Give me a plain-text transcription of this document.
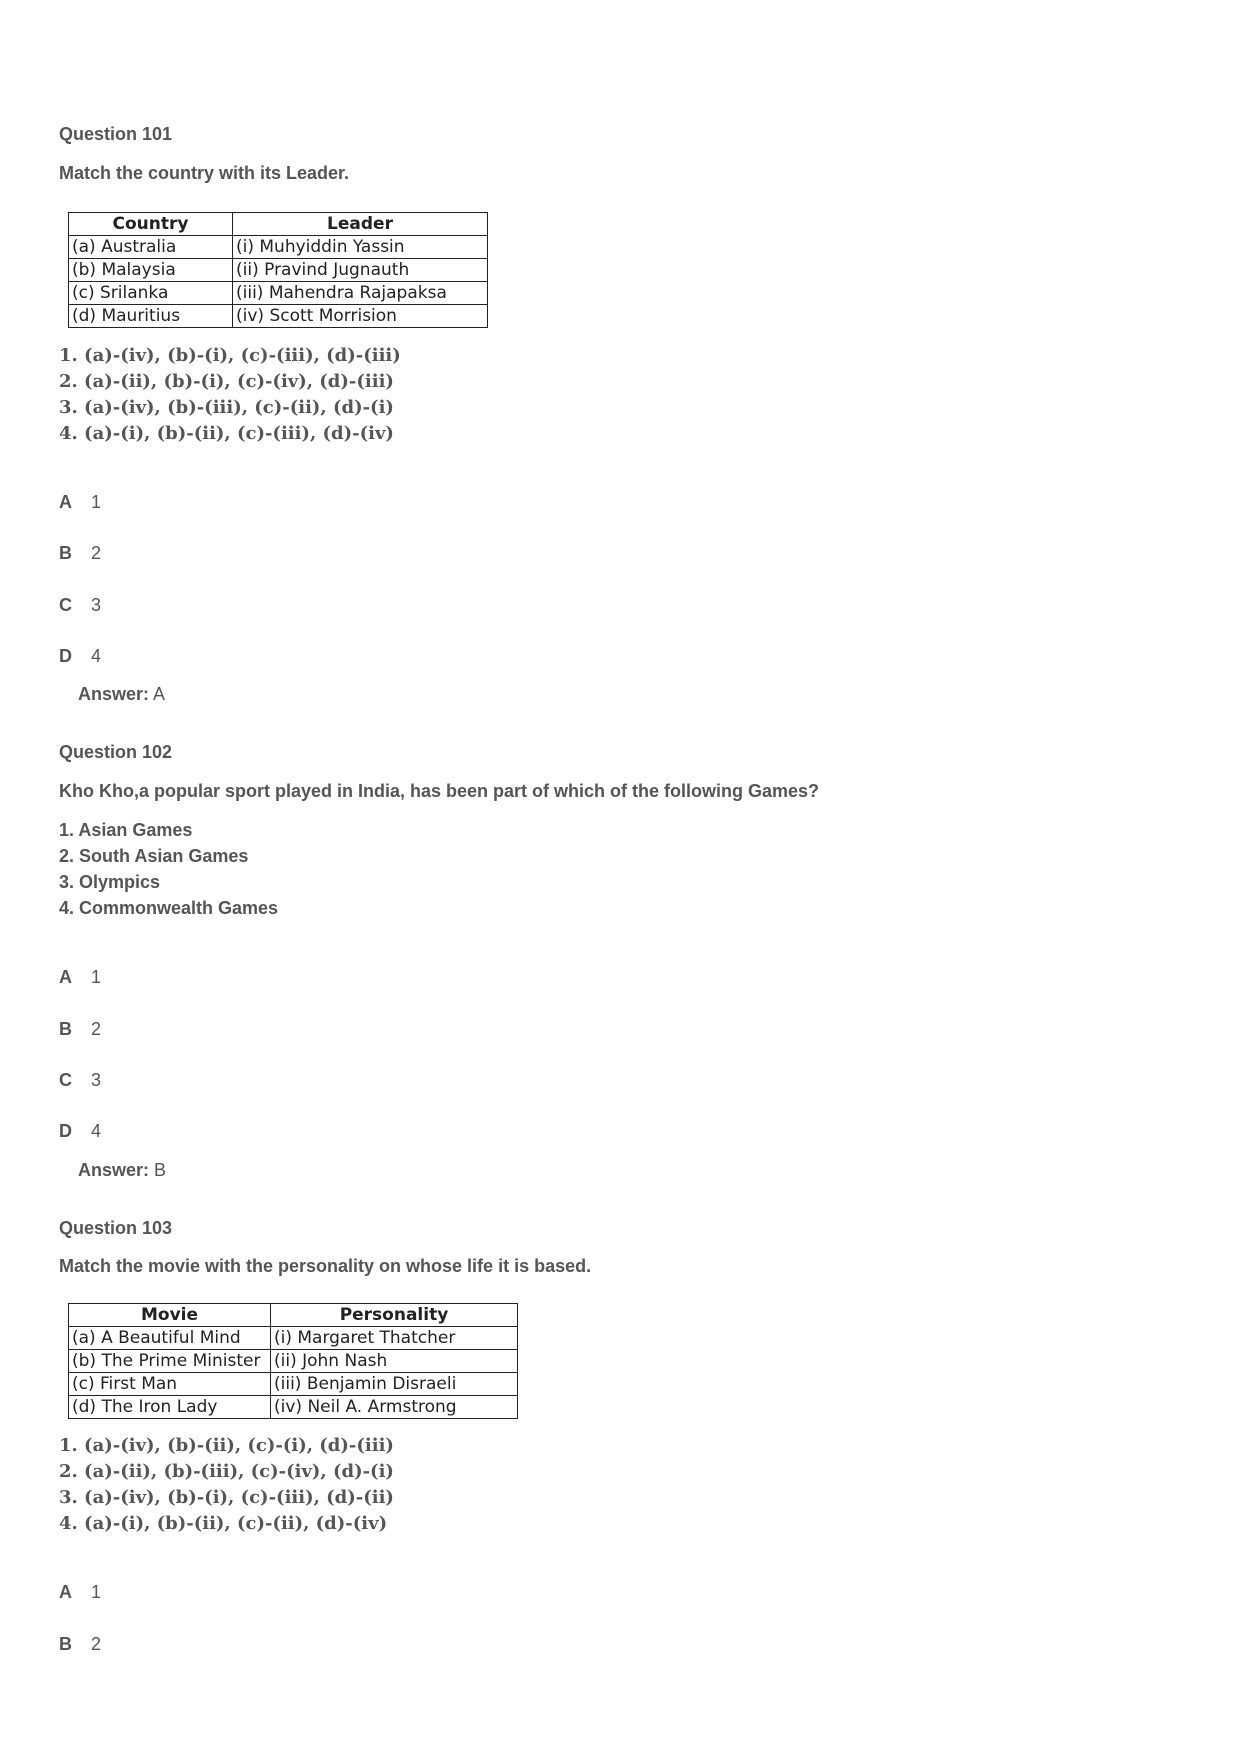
Question 101
Match the country with its Leader.
Country	Leader
(a) Australia	(i) Muhyiddin Yassin
(b) Malaysia	(ii) Pravind Jugnauth
(c) Srilanka	(iii) Mahendra Rajapaksa
(d) Mauritius	(iv) Scott Morrision
1. (a)-(iv), (b)-(i), (c)-(iii), (d)-(iii)
2. (a)-(ii), (b)-(i), (c)-(iv), (d)-(iii)
3. (a)-(iv), (b)-(iii), (c)-(ii), (d)-(i)
4. (a)-(i), (b)-(ii), (c)-(iii), (d)-(iv)
A 1
B 2
C 3
D 4
Answer: A
Question 102
Kho Kho,a popular sport played in India, has been part of which of the following Games?
1. Asian Games
2. South Asian Games
3. Olympics
4. Commonwealth Games
A 1
B 2
C 3
D 4
Answer: B
Question 103
Match the movie with the personality on whose life it is based.
Movie	Personality
(a) A Beautiful Mind	(i) Margaret Thatcher
(b) The Prime Minister	(ii) John Nash
(c) First Man	(iii) Benjamin Disraeli
(d) The Iron Lady	(iv) Neil A. Armstrong
1. (a)-(iv), (b)-(ii), (c)-(i), (d)-(iii)
2. (a)-(ii), (b)-(iii), (c)-(iv), (d)-(i)
3. (a)-(iv), (b)-(i), (c)-(iii), (d)-(ii)
4. (a)-(i), (b)-(ii), (c)-(ii), (d)-(iv)
A 1
B 2
